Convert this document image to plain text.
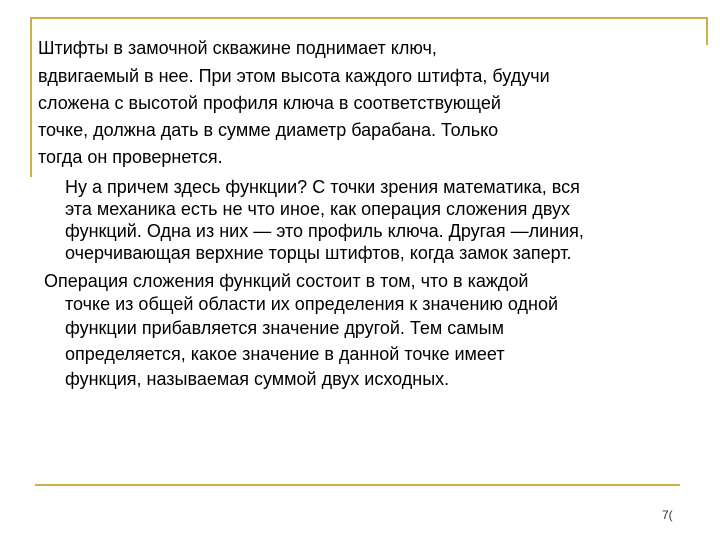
Штифты в замочной скважине поднимает ключ,
вдвигаемый в нее. При этом высота каждого штифта, будучи
сложена с высотой профиля ключа в соответствующей
точке, должна дать в сумме диаметр барабана. Только
тогда он провернется.
Ну а причем здесь функции? С точки зрения математика, вся
эта механика есть не что иное, как операция сложения двух
функций. Одна из них — это профиль ключа. Другая —линия,
очерчивающая верхние торцы штифтов, когда замок заперт.
Операция сложения функций состоит в том, что в каждой
точке из общей области их определения к значению одной
функции прибавляется значение другой. Тем самым
определяется, какое значение в данной точке имеет
функция, называемая суммой двух исходных.
7(
